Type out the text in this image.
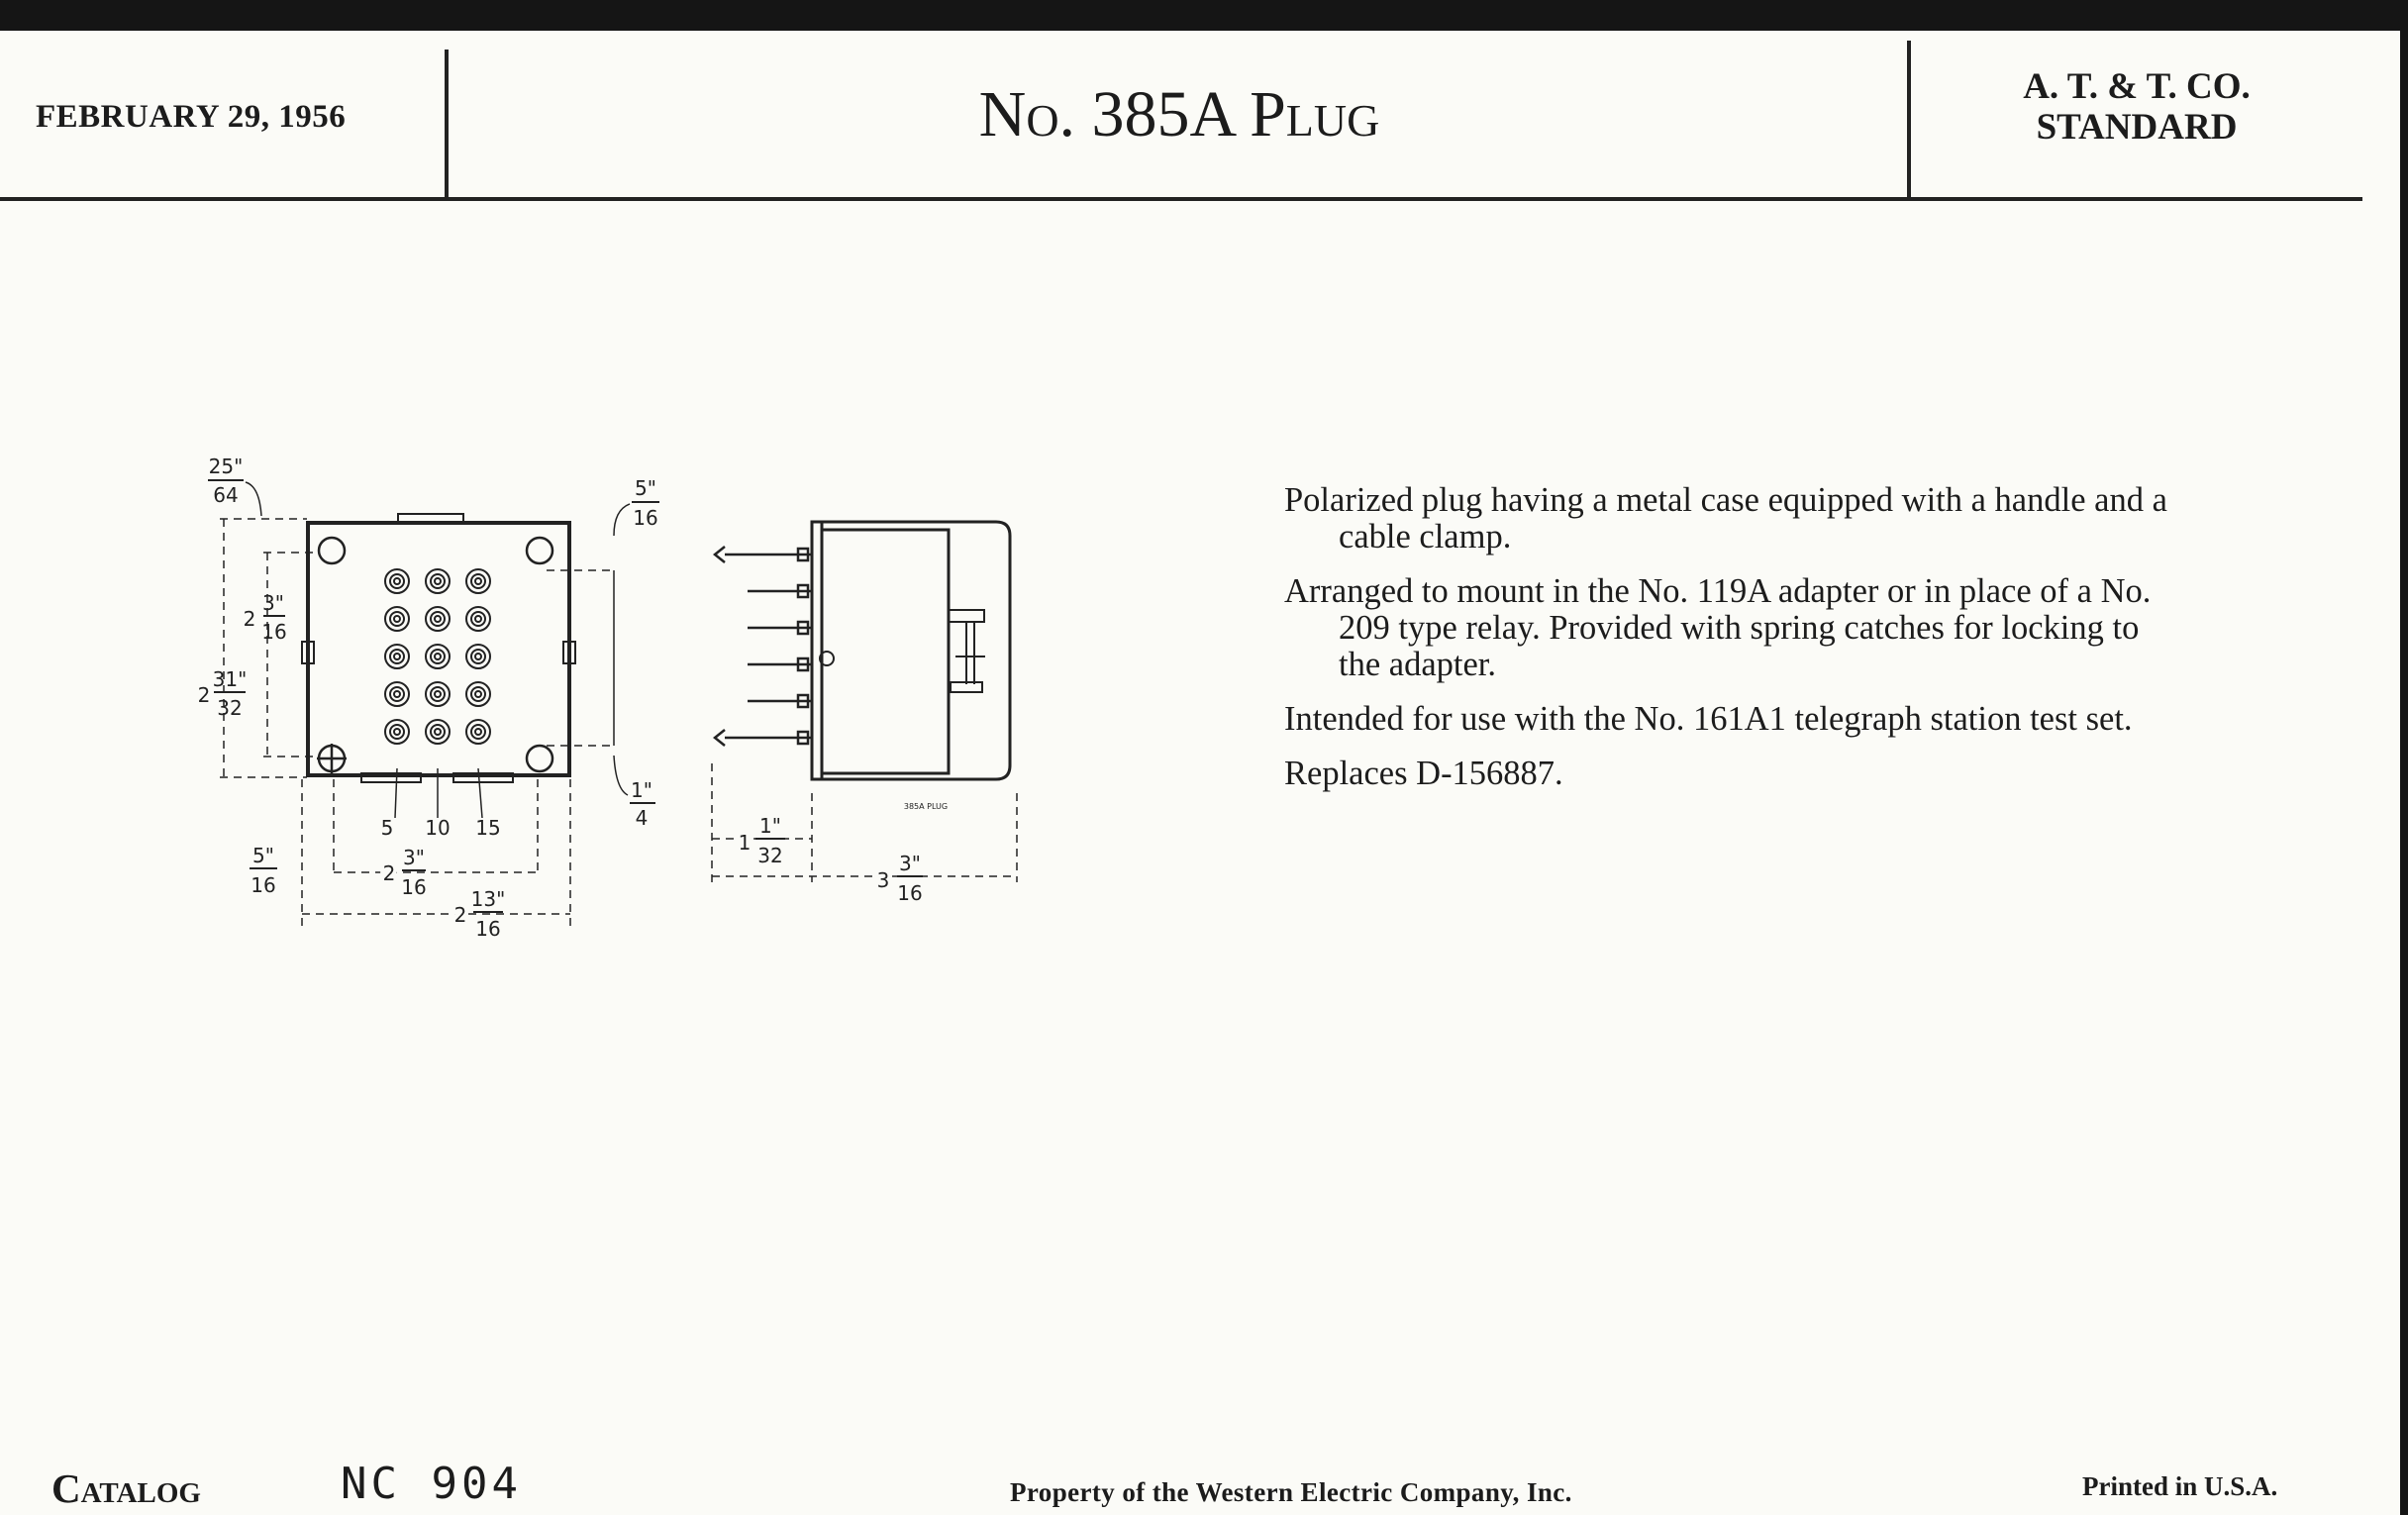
FEBRUARY 29, 1956	No. 385A Plug	A. T. & T. CO.
STANDARD
25"
64
2
3"
16
2
31"
32
5"
16
1"
4
5 10 15
5"
16	2
3"
16
2
13"
16
385A PLUG
1
1"
32
3
3"
16

Polarized plug having a metal case equipped with a handle and a cable clamp.

Arranged to mount in the No. 119A adapter or in place of a No. 209 type relay. Provided with spring catches for locking to the adapter.

Intended for use with the No. 161A1 telegraph station test set.

Replaces D-156887.

Catalog	NC 904	Property of the Western Electric Company, Inc.	Printed in U.S.A.
